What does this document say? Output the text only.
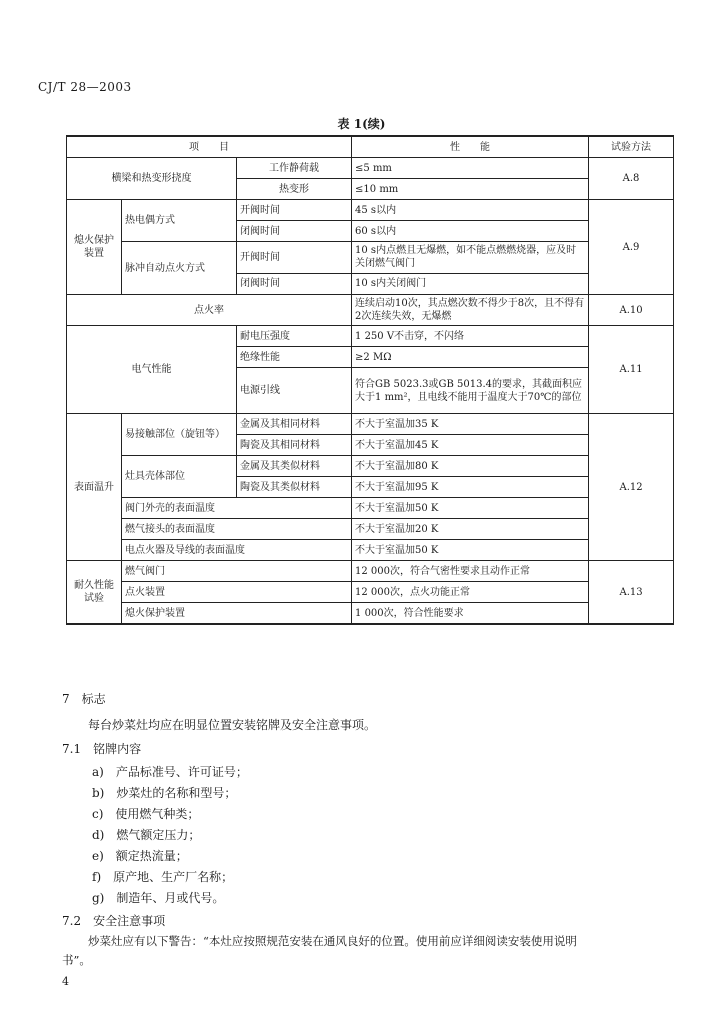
CJ/T 28—2003
表 1(续)
项　　目			性　　能	试验方法
横梁和热变形挠度		工作静荷载	≤5 mm	A.8
		热变形	≤10 mm	
熄火保护装置	热电偶方式	开阀时间	45 s以内	A.9
		闭阀时间	60 s以内	
	脉冲自动点火方式	开阀时间	10 s内点燃且无爆燃，如不能点燃燃烧器，应及时关闭燃气阀门	
		闭阀时间	10 s内关闭阀门	
点火率			连续启动10次，其点燃次数不得少于8次，且不得有2次连续失效，无爆燃	A.10
电气性能		耐电压强度	1 250 V不击穿，不闪络	A.11
		绝缘性能	≥2 MΩ	
		电源引线	符合GB 5023.3或GB 5013.4的要求，其截面积应大于1 mm²，且电线不能用于温度大于70℃的部位	
表面温升	易接触部位（旋钮等）	金属及其相同材料	不大于室温加35 K	A.12
		陶瓷及其相同材料	不大于室温加45 K	
	灶具壳体部位	金属及其类似材料	不大于室温加80 K	
		陶瓷及其类似材料	不大于室温加95 K	
	阀门外壳的表面温度		不大于室温加50 K	
	燃气接头的表面温度		不大于室温加20 K	
	电点火器及导线的表面温度		不大于室温加50 K	
耐久性能试验	燃气阀门		12 000次，符合气密性要求且动作正常	A.13
	点火装置		12 000次，点火功能正常	
	熄火保护装置		1 000次，符合性能要求	
7　标志
每台炒菜灶均应在明显位置安装铭牌及安全注意事项。
7.1　铭牌内容
a)　产品标准号、许可证号；
b)　炒菜灶的名称和型号；
c)　使用燃气种类；
d)　燃气额定压力；
e)　额定热流量；
f)　原产地、生产厂名称；
g)　制造年、月或代号。
7.2　安全注意事项
炒菜灶应有以下警告：“本灶应按照规范安装在通风良好的位置。使用前应详细阅读安装使用说明
书”。
4
